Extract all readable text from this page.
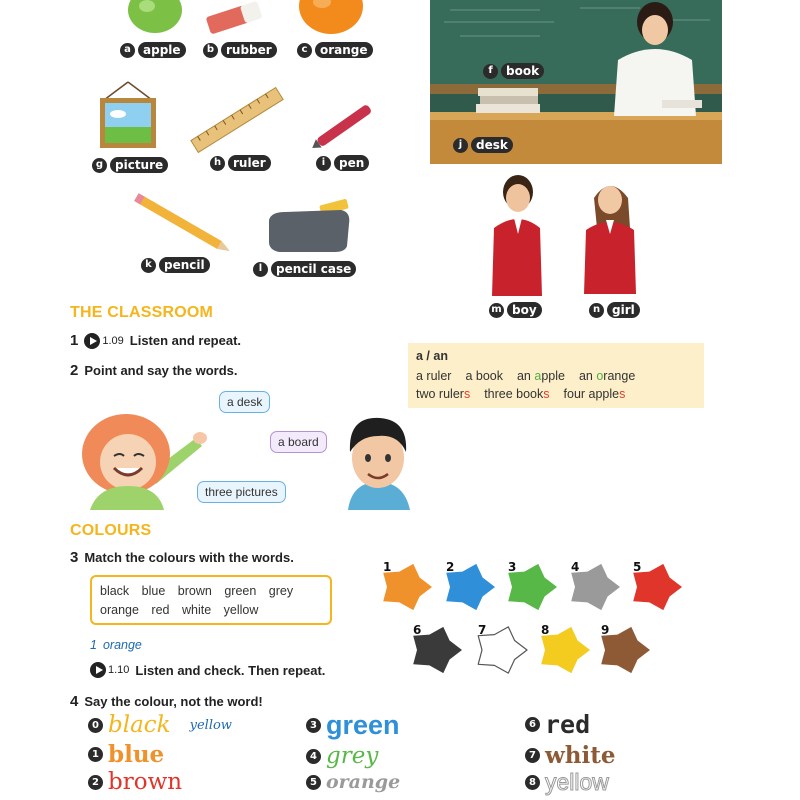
a	apple	b rubber	c	orange
g picture	h ruler	i	pen
k	pencil	l	pencil case
f	book
j	desk
m boy	n girl
THE CLASSROOM
1 1.09 Listen and repeat.
2 Point and say the words.
a / an
a ruler a book an apple an orange
two rulers three books four apples
a desk
a board
three pictures
COLOURS
3 Match the colours with the words.
black blue brown green grey
orange red white yellow
1 orange
1.10 Listen and check. Then repeat.
1	2	3	4	5
6	7	8	9
4 Say the colour, not the word!
0 black yellow
1 blue
2 brown
3 green
4 grey
5 orange
6 red
7 white
8 yellow
